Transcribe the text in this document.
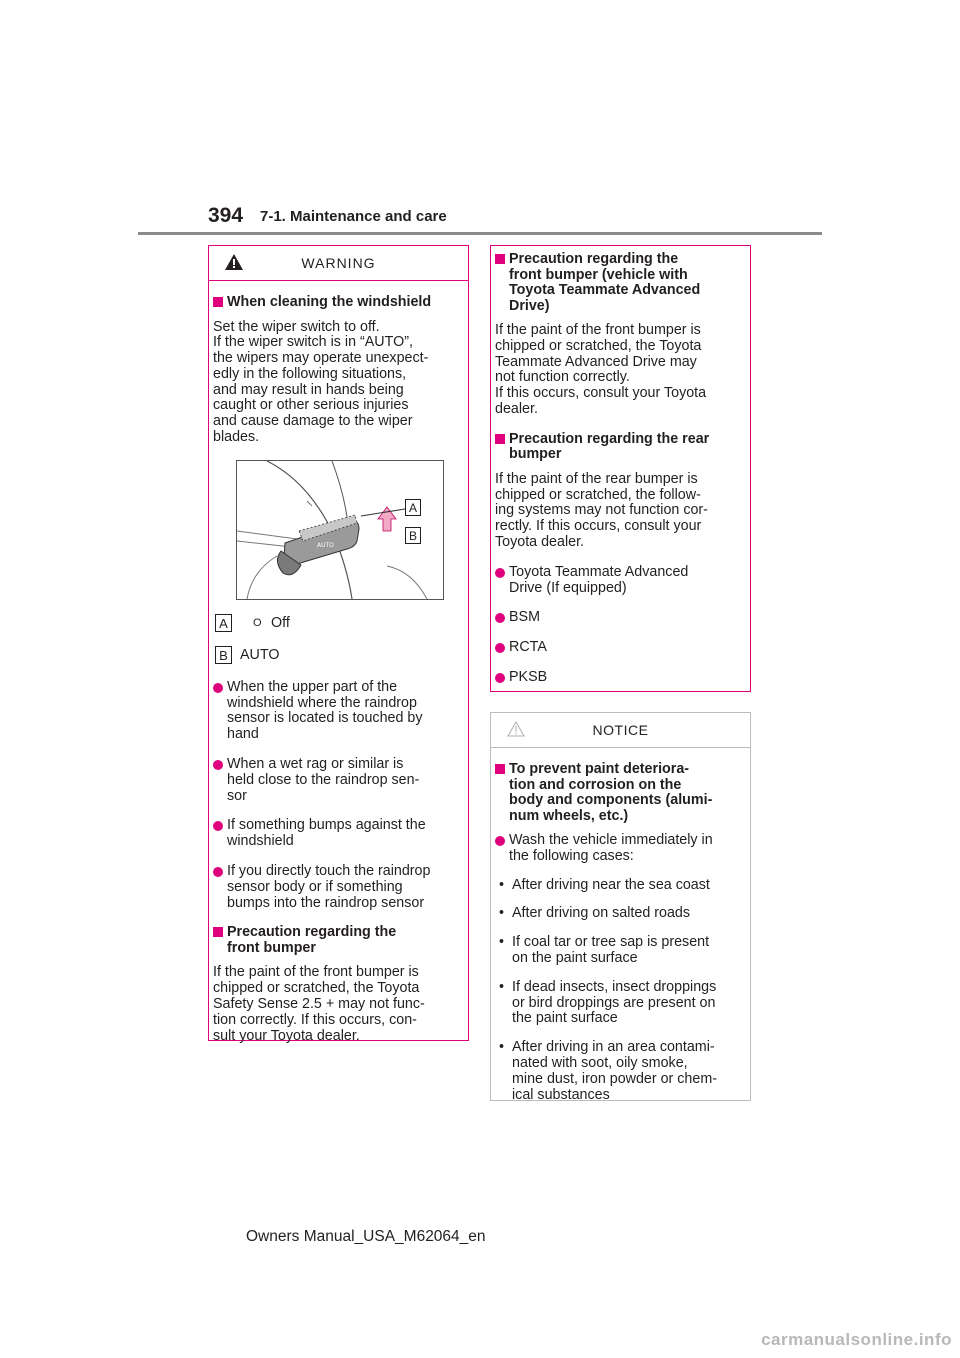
394 7-1. Maintenance and care
WARNING
When cleaning the windshield
Set the wiper switch to off.
If the wiper switch is in “AUTO”,
the wipers may operate unexpect-
edly in the following situations,
and may result in hands being
caught or other serious injuries
and cause damage to the wiper
blades.
AUTO
A
B
A	O Off
B AUTO
When the upper part of the
windshield where the raindrop
sensor is located is touched by
hand
When a wet rag or similar is
held close to the raindrop sen-
sor
If something bumps against the
windshield
If you directly touch the raindrop
sensor body or if something
bumps into the raindrop sensor
Precaution regarding the
front bumper
If the paint of the front bumper is
chipped or scratched, the Toyota
Safety Sense 2.5 + may not func-
tion correctly. If this occurs, con-
sult your Toyota dealer.
Precaution regarding the
front bumper (vehicle with
Toyota Teammate Advanced
Drive)
If the paint of the front bumper is
chipped or scratched, the Toyota
Teammate Advanced Drive may
not function correctly.
If this occurs, consult your Toyota
dealer.
Precaution regarding the rear
bumper
If the paint of the rear bumper is
chipped or scratched, the follow-
ing systems may not function cor-
rectly. If this occurs, consult your
Toyota dealer.
Toyota Teammate Advanced
Drive (If equipped)
BSM
RCTA
PKSB
NOTICE
To prevent paint deteriora-
tion and corrosion on the
body and components (alumi-
num wheels, etc.)
Wash the vehicle immediately in
the following cases:
• After driving near the sea coast
• After driving on salted roads
• If coal tar or tree sap is present
on the paint surface
• If dead insects, insect droppings
or bird droppings are present on
the paint surface
• After driving in an area contami-
nated with soot, oily smoke,
mine dust, iron powder or chem-
ical substances
Owners Manual_USA_M62064_en
carmanualsonline.info
